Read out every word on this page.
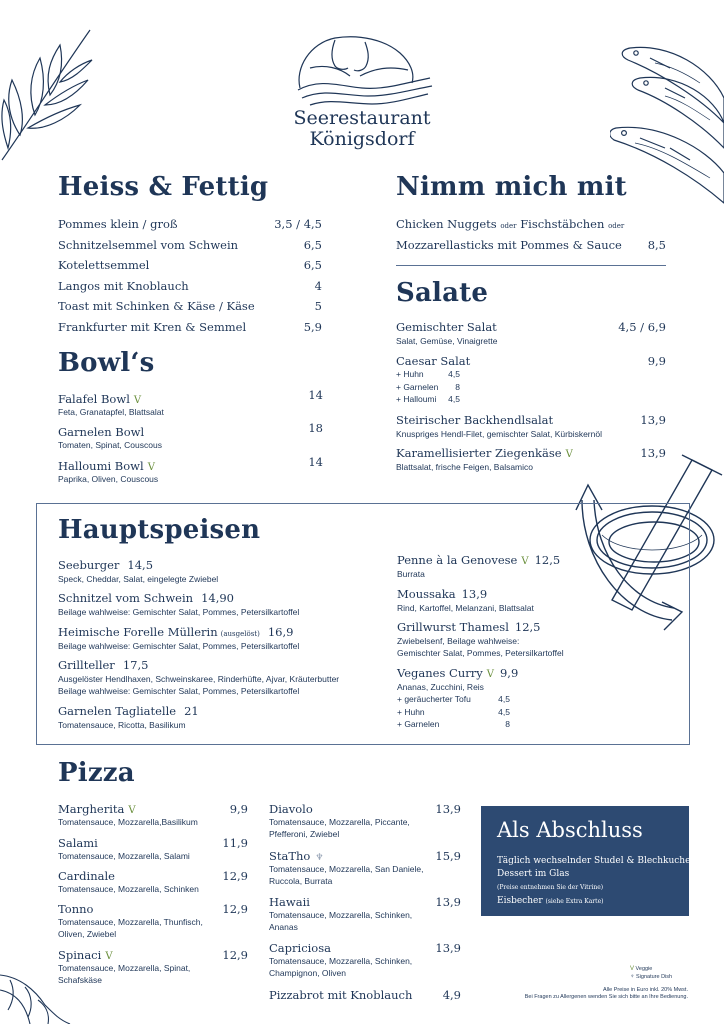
Seerestaurant
Königsdorf
Heiss & Fettig
Pommes klein / groß	3,5 / 4,5
Schnitzelsemmel vom Schwein	6,5
Kotelettsemmel	6,5
Langos mit Knoblauch	4
Toast mit Schinken & Käse / Käse	5
Frankfurter mit Kren & Semmel	5,9
Nimm mich mit
Chicken Nuggets oder Fischstäbchen oder
Mozzarellasticks mit Pommes & Sauce	8,5
Bowl‘s
Falafel Bowl V
Feta, Granatapfel, Blattsalat
14
Garnelen Bowl
Tomaten, Spinat, Couscous
18
Halloumi Bowl V
Paprika, Oliven, Couscous
14
Salate
Gemischter Salat	4,5 / 6,9
Salat, Gemüse, Vinaigrette
Caesar Salat	9,9
+ Huhn	4,5
+ Garnelen	8
+ Halloumi 4,5
Steirischer Backhendlsalat	13,9
Knuspriges Hendl-Filet, gemischter Salat, Kürbiskernöl
Karamellisierter Ziegenkäse V	13,9
Blattsalat, frische Feigen, Balsamico
Hauptspeisen
Seeburger 14,5
Speck, Cheddar, Salat, eingelegte Zwiebel
Schnitzel vom Schwein 14,90
Beilage wahlweise: Gemischter Salat, Pommes, Petersilkartoffel
Heimische Forelle Müllerin (ausgelöst) 16,9
Beilage wahlweise: Gemischter Salat, Pommes, Petersilkartoffel
Grillteller 17,5
Ausgelöster Hendlhaxen, Schweinskaree, Rinderhüfte, Ajvar, Kräuterbutter
Beilage wahlweise: Gemischter Salat, Pommes, Petersilkartoffel
Garnelen Tagliatelle 21
Tomatensauce, Ricotta, Basilikum
Penne à la Genovese V 12,5
Burrata
Moussaka 13,9
Rind, Kartoffel, Melanzani, Blattsalat
Grillwurst Thamesl 12,5
Zwiebelsenf, Beilage wahlweise:
Gemischter Salat, Pommes, Petersilkartoffel
Veganes Curry V 9,9
Ananas, Zucchini, Reis
+ geräucherter Tofu	4,5
+ Huhn	4,5
+ Garnelen	8
Pizza
Margherita V	9,9
Tomatensauce, Mozzarella,Basilikum
Salami	11,9
Tomatensauce, Mozzarella, Salami
Cardinale	12,9
Tomatensauce, Mozzarella, Schinken
Tonno	12,9
Tomatensauce, Mozzarella, Thunfisch,
Oliven, Zwiebel
Spinaci V	12,9
Tomatensauce, Mozzarella, Spinat,
Schafskäse
Diavolo	13,9
Tomatensauce, Mozzarella, Piccante,
Pfefferoni, Zwiebel
StaTho ♆	15,9
Tomatensauce, Mozzarella, San Daniele,
Ruccola, Burrata
Hawaii	13,9
Tomatensauce, Mozzarella, Schinken,
Ananas
Capriciosa	13,9
Tomatensauce, Mozzarella, Schinken,
Champignon, Oliven
Pizzabrot mit Knoblauch	4,9
Als Abschluss
Täglich wechselnder Studel & Blechkuchen
Dessert im Glas
(Preise entnehmen Sie der Vitrine)
Eisbecher (siehe Extra Karte)
V Veggie
♆ Signature Dish
Alle Preise in Euro inkl. 20% Mwst.
Bei Fragen zu Allergenen wenden Sie sich bitte an Ihre Bedienung.
